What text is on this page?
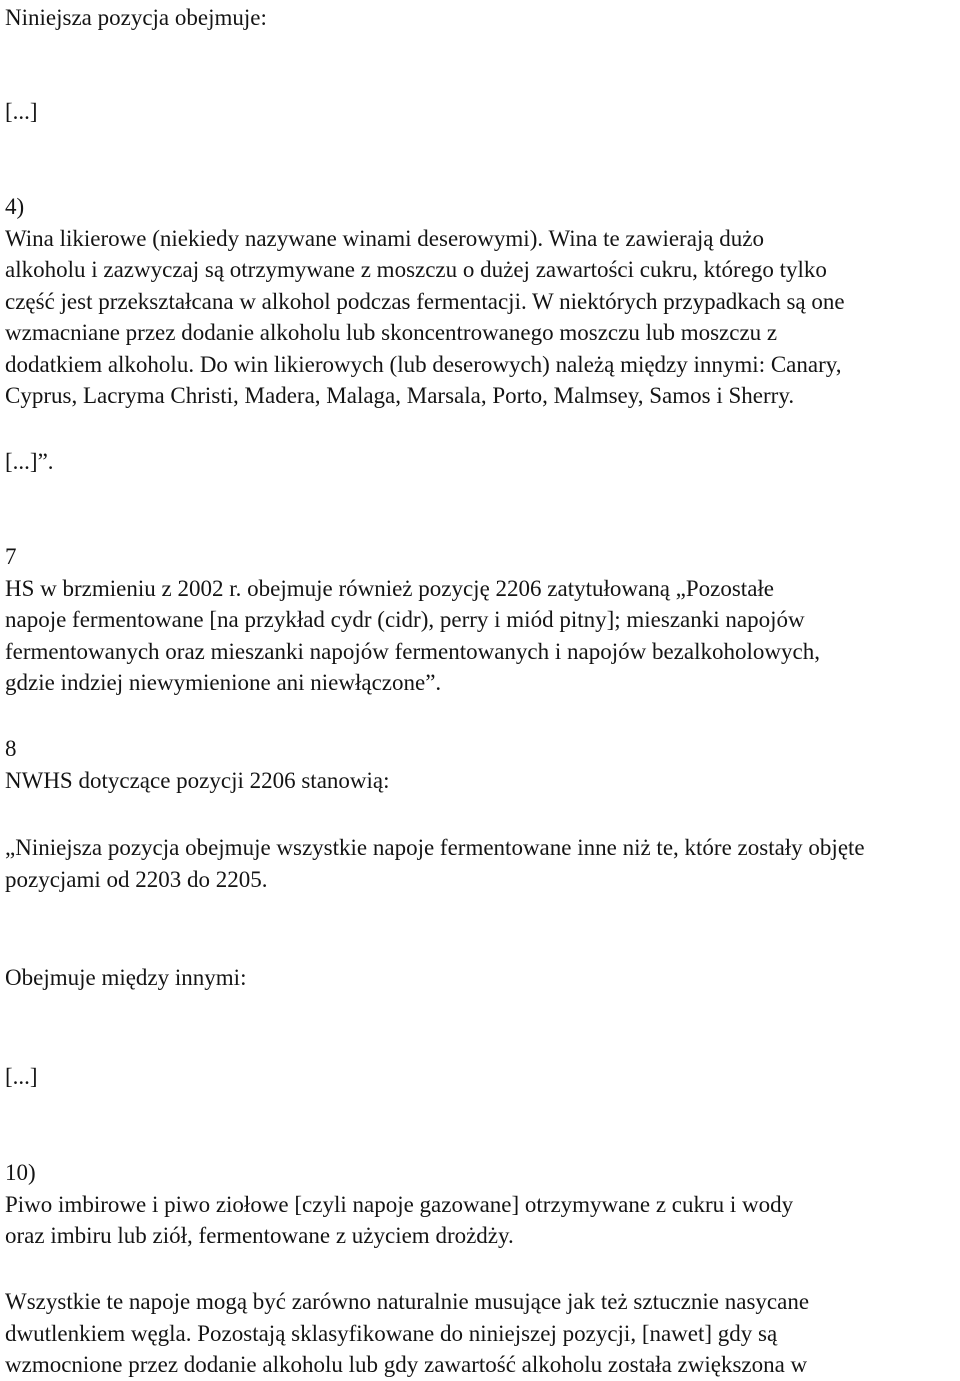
Niniejsza pozycja obejmuje:

[...]

4)
Wina likierowe (niekiedy nazywane winami deserowymi). Wina te zawierają dużo
alkoholu i zazwyczaj są otrzymywane z moszczu o dużej zawartości cukru, którego tylko
część jest przekształcana w alkohol podczas fermentacji. W niektórych przypadkach są one
wzmacniane przez dodanie alkoholu lub skoncentrowanego moszczu lub moszczu z
dodatkiem alkoholu. Do win likierowych (lub deserowych) należą między innymi: Canary,
Cyprus, Lacryma Christi, Madera, Malaga, Marsala, Porto, Malmsey, Samos i Sherry.

[...]”.

7
HS w brzmieniu z 2002 r. obejmuje również pozycję 2206 zatytułowaną „Pozostałe
napoje fermentowane [na przykład cydr (cidr), perry i miód pitny]; mieszanki napojów
fermentowanych oraz mieszanki napojów fermentowanych i napojów bezalkoholowych,
gdzie indziej niewymienione ani niewłączone”.

8
NWHS dotyczące pozycji 2206 stanowią:

„Niniejsza pozycja obejmuje wszystkie napoje fermentowane inne niż te, które zostały objęte
pozycjami od 2203 do 2205.

Obejmuje między innymi:

[...]

10)
Piwo imbirowe i piwo ziołowe [czyli napoje gazowane] otrzymywane z cukru i wody
oraz imbiru lub ziół, fermentowane z użyciem drożdży.
Wszystkie te napoje mogą być zarówno naturalnie musujące jak też sztucznie nasycane
dwutlenkiem węgla. Pozostają sklasyfikowane do niniejszej pozycji, [nawet] gdy są
wzmocnione przez dodanie alkoholu lub gdy zawartość alkoholu została zwiększona w
